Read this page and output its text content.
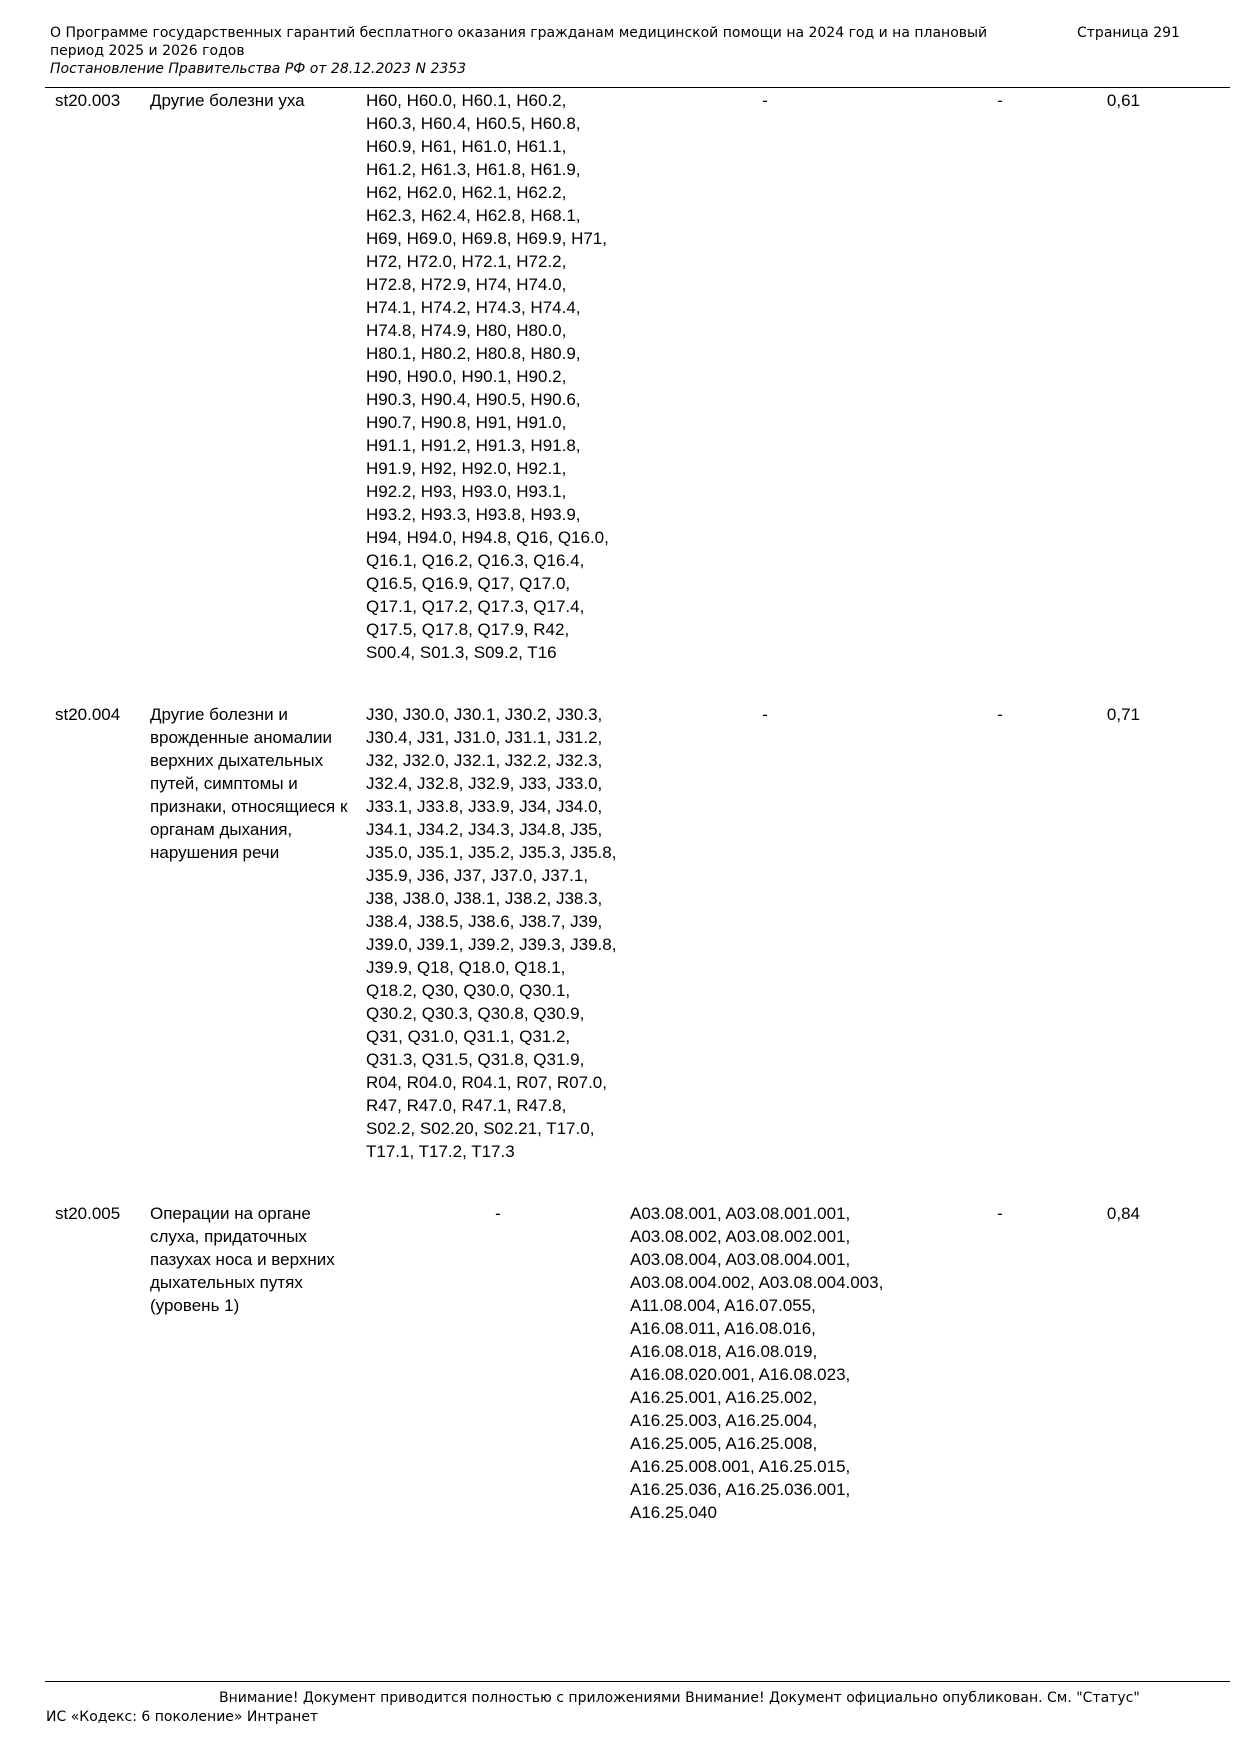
О Программе государственных гарантий бесплатного оказания гражданам медицинской помощи на 2024 год и на плановый период 2025 и 2026 годов
Постановление Правительства РФ от 28.12.2023 N 2353
Страница 291
st20.003	Другие болезни уха	H60, H60.0, H60.1, H60.2, H60.3, H60.4, H60.5, H60.8, H60.9, H61, H61.0, H61.1, H61.2, H61.3, H61.8, H61.9, H62, H62.0, H62.1, H62.2, H62.3, H62.4, H62.8, H68.1, H69, H69.0, H69.8, H69.9, H71, H72, H72.0, H72.1, H72.2, H72.8, H72.9, H74, H74.0, H74.1, H74.2, H74.3, H74.4, H74.8, H74.9, H80, H80.0, H80.1, H80.2, H80.8, H80.9, H90, H90.0, H90.1, H90.2, H90.3, H90.4, H90.5, H90.6, H90.7, H90.8, H91, H91.0, H91.1, H91.2, H91.3, H91.8, H91.9, H92, H92.0, H92.1, H92.2, H93, H93.0, H93.1, H93.2, H93.3, H93.8, H93.9, H94, H94.0, H94.8, Q16, Q16.0, Q16.1, Q16.2, Q16.3, Q16.4, Q16.5, Q16.9, Q17, Q17.0, Q17.1, Q17.2, Q17.3, Q17.4, Q17.5, Q17.8, Q17.9, R42, S00.4, S01.3, S09.2, T16	-	-	0,61
st20.004	Другие болезни и врожденные аномалии верхних дыхательных путей, симптомы и признаки, относящиеся к органам дыхания, нарушения речи	J30, J30.0, J30.1, J30.2, J30.3, J30.4, J31, J31.0, J31.1, J31.2, J32, J32.0, J32.1, J32.2, J32.3, J32.4, J32.8, J32.9, J33, J33.0, J33.1, J33.8, J33.9, J34, J34.0, J34.1, J34.2, J34.3, J34.8, J35, J35.0, J35.1, J35.2, J35.3, J35.8, J35.9, J36, J37, J37.0, J37.1, J38, J38.0, J38.1, J38.2, J38.3, J38.4, J38.5, J38.6, J38.7, J39, J39.0, J39.1, J39.2, J39.3, J39.8, J39.9, Q18, Q18.0, Q18.1, Q18.2, Q30, Q30.0, Q30.1, Q30.2, Q30.3, Q30.8, Q30.9, Q31, Q31.0, Q31.1, Q31.2, Q31.3, Q31.5, Q31.8, Q31.9, R04, R04.0, R04.1, R07, R07.0, R47, R47.0, R47.1, R47.8, S02.2, S02.20, S02.21, T17.0, T17.1, T17.2, T17.3	-	-	0,71
st20.005	Операции на органе слуха, придаточных пазухах носа и верхних дыхательных путях (уровень 1)	-	A03.08.001, A03.08.001.001, A03.08.002, A03.08.002.001, A03.08.004, A03.08.004.001, A03.08.004.002, A03.08.004.003, A11.08.004, A16.07.055, A16.08.011, A16.08.016, A16.08.018, A16.08.019, A16.08.020.001, A16.08.023, A16.25.001, A16.25.002, A16.25.003, A16.25.004, A16.25.005, A16.25.008, A16.25.008.001, A16.25.015, A16.25.036, A16.25.036.001, A16.25.040	-	0,84
Внимание! Документ приводится полностью с приложениями Внимание! Документ официально опубликован. См. "Статус"
ИС «Кодекс: 6 поколение» Интранет
